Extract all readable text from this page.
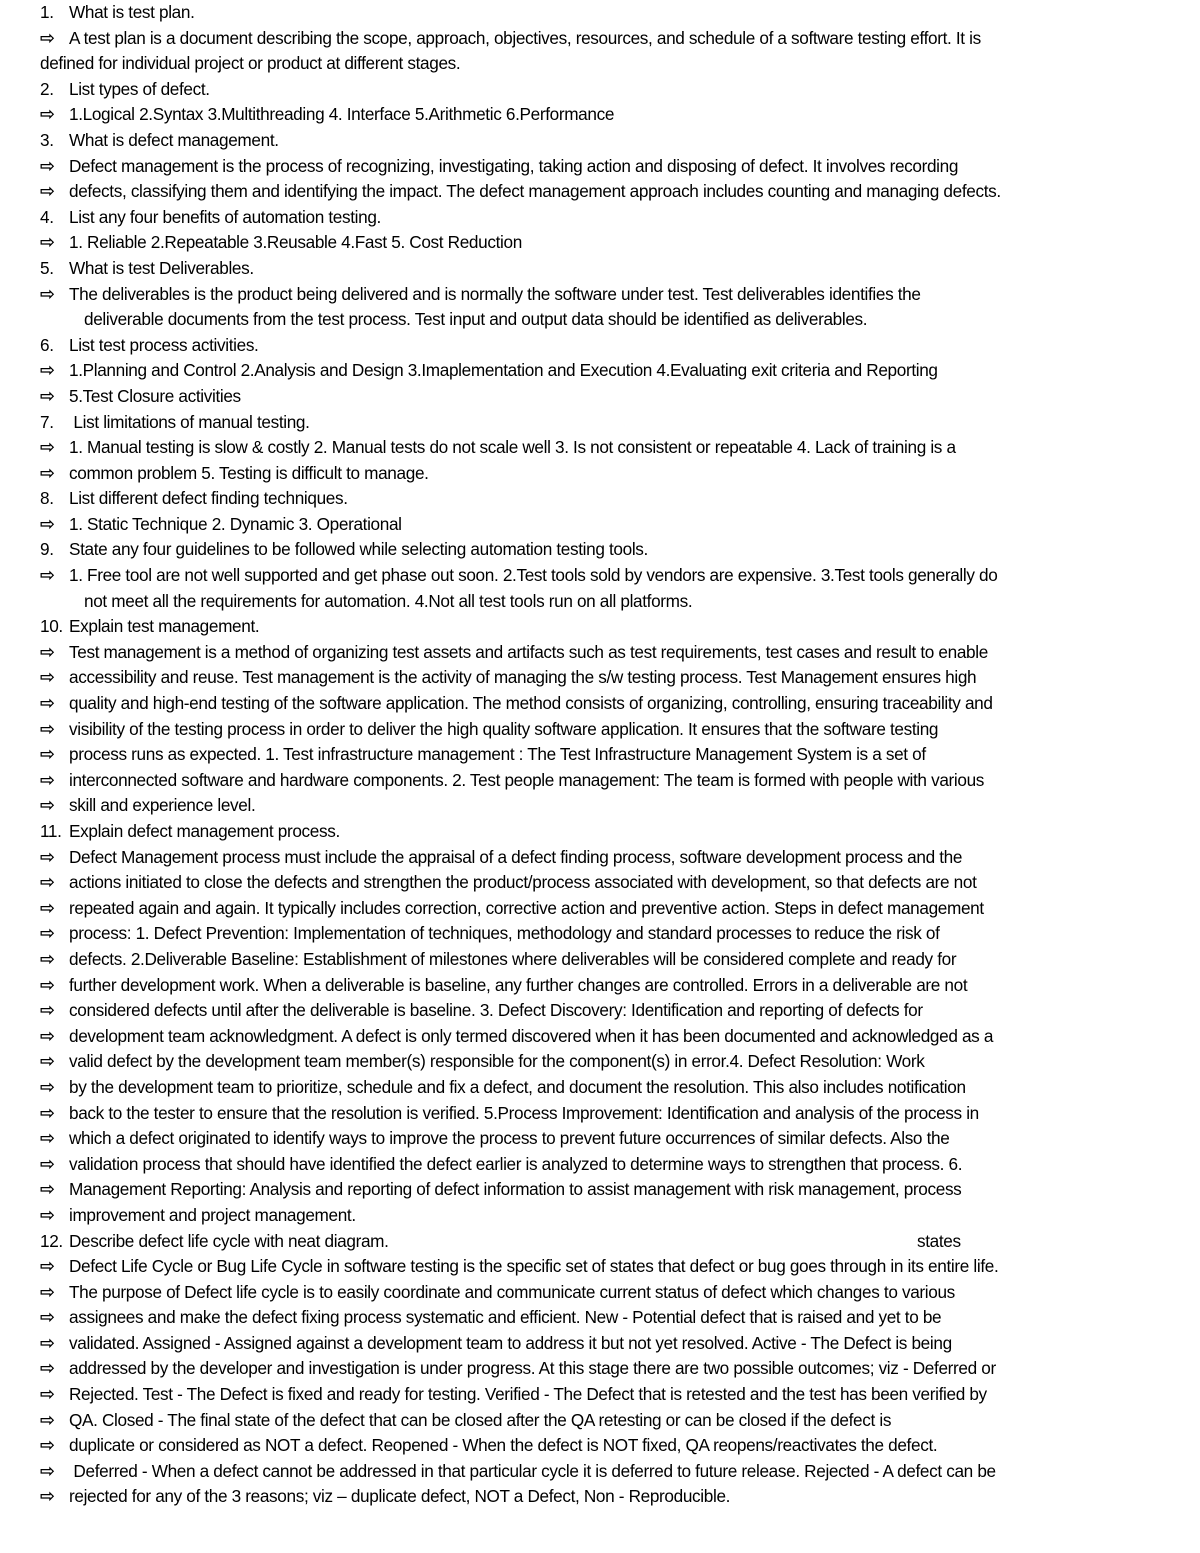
1. What is test plan.
⇨ A test plan is a document describing the scope, approach, objectives, resources, and schedule of a software testing effort. It is
defined for individual project or product at different stages.
2. List types of defect.
⇨ 1.Logical 2.Syntax 3.Multithreading 4. Interface 5.Arithmetic 6.Performance
3. What is defect management.
⇨ Defect management is the process of recognizing, investigating, taking action and disposing of defect. It involves recording
⇨ defects, classifying them and identifying the impact. The defect management approach includes counting and managing defects.
4. List any four benefits of automation testing.
⇨ 1. Reliable 2.Repeatable 3.Reusable 4.Fast 5. Cost Reduction
5. What is test Deliverables.
⇨ The deliverables is the product being delivered and is normally the software under test. Test deliverables identifies the
deliverable documents from the test process. Test input and output data should be identified as deliverables.
6. List test process activities.
⇨ 1.Planning and Control 2.Analysis and Design 3.Imaplementation and Execution 4.Evaluating exit criteria and Reporting
⇨ 5.Test Closure activities
7. List limitations of manual testing.
⇨ 1. Manual testing is slow & costly 2. Manual tests do not scale well 3. Is not consistent or repeatable 4. Lack of training is a
⇨ common problem 5. Testing is difficult to manage.
8. List different defect finding techniques.
⇨ 1. Static Technique 2. Dynamic 3. Operational
9. State any four guidelines to be followed while selecting automation testing tools.
⇨ 1. Free tool are not well supported and get phase out soon. 2.Test tools sold by vendors are expensive. 3.Test tools generally do
not meet all the requirements for automation. 4.Not all test tools run on all platforms.
10. Explain test management.
⇨ Test management is a method of organizing test assets and artifacts such as test requirements, test cases and result to enable
⇨ accessibility and reuse. Test management is the activity of managing the s/w testing process. Test Management ensures high
⇨ quality and high-end testing of the software application. The method consists of organizing, controlling, ensuring traceability and
⇨ visibility of the testing process in order to deliver the high quality software application. It ensures that the software testing
⇨ process runs as expected. 1. Test infrastructure management : The Test Infrastructure Management System is a set of
⇨ interconnected software and hardware components. 2. Test people management: The team is formed with people with various
⇨ skill and experience level.
11. Explain defect management process.
⇨ Defect Management process must include the appraisal of a defect finding process, software development process and the
⇨ actions initiated to close the defects and strengthen the product/process associated with development, so that defects are not
⇨ repeated again and again. It typically includes correction, corrective action and preventive action. Steps in defect management
⇨ process: 1. Defect Prevention: Implementation of techniques, methodology and standard processes to reduce the risk of
⇨ defects. 2.Deliverable Baseline: Establishment of milestones where deliverables will be considered complete and ready for
⇨ further development work. When a deliverable is baseline, any further changes are controlled. Errors in a deliverable are not
⇨ considered defects until after the deliverable is baseline. 3. Defect Discovery: Identification and reporting of defects for
⇨ development team acknowledgment. A defect is only termed discovered when it has been documented and acknowledged as a
⇨ valid defect by the development team member(s) responsible for the component(s) in error.4. Defect Resolution: Work
⇨ by the development team to prioritize, schedule and fix a defect, and document the resolution. This also includes notification
⇨ back to the tester to ensure that the resolution is verified. 5.Process Improvement: Identification and analysis of the process in
⇨ which a defect originated to identify ways to improve the process to prevent future occurrences of similar defects. Also the
⇨ validation process that should have identified the defect earlier is analyzed to determine ways to strengthen that process. 6.
⇨ Management Reporting: Analysis and reporting of defect information to assist management with risk management, process
⇨ improvement and project management.
12. Describe defect life cycle with neat diagram.	states
⇨ Defect Life Cycle or Bug Life Cycle in software testing is the specific set of states that defect or bug goes through in its entire life.
⇨ The purpose of Defect life cycle is to easily coordinate and communicate current status of defect which changes to various
⇨ assignees and make the defect fixing process systematic and efficient. New - Potential defect that is raised and yet to be
⇨ validated. Assigned - Assigned against a development team to address it but not yet resolved. Active - The Defect is being
⇨ addressed by the developer and investigation is under progress. At this stage there are two possible outcomes; viz - Deferred or
⇨ Rejected. Test - The Defect is fixed and ready for testing. Verified - The Defect that is retested and the test has been verified by
⇨ QA. Closed - The final state of the defect that can be closed after the QA retesting or can be closed if the defect is
⇨ duplicate or considered as NOT a defect. Reopened - When the defect is NOT fixed, QA reopens/reactivates the defect.
⇨ Deferred - When a defect cannot be addressed in that particular cycle it is deferred to future release. Rejected - A defect can be
⇨ rejected for any of the 3 reasons; viz – duplicate defect, NOT a Defect, Non - Reproducible.
